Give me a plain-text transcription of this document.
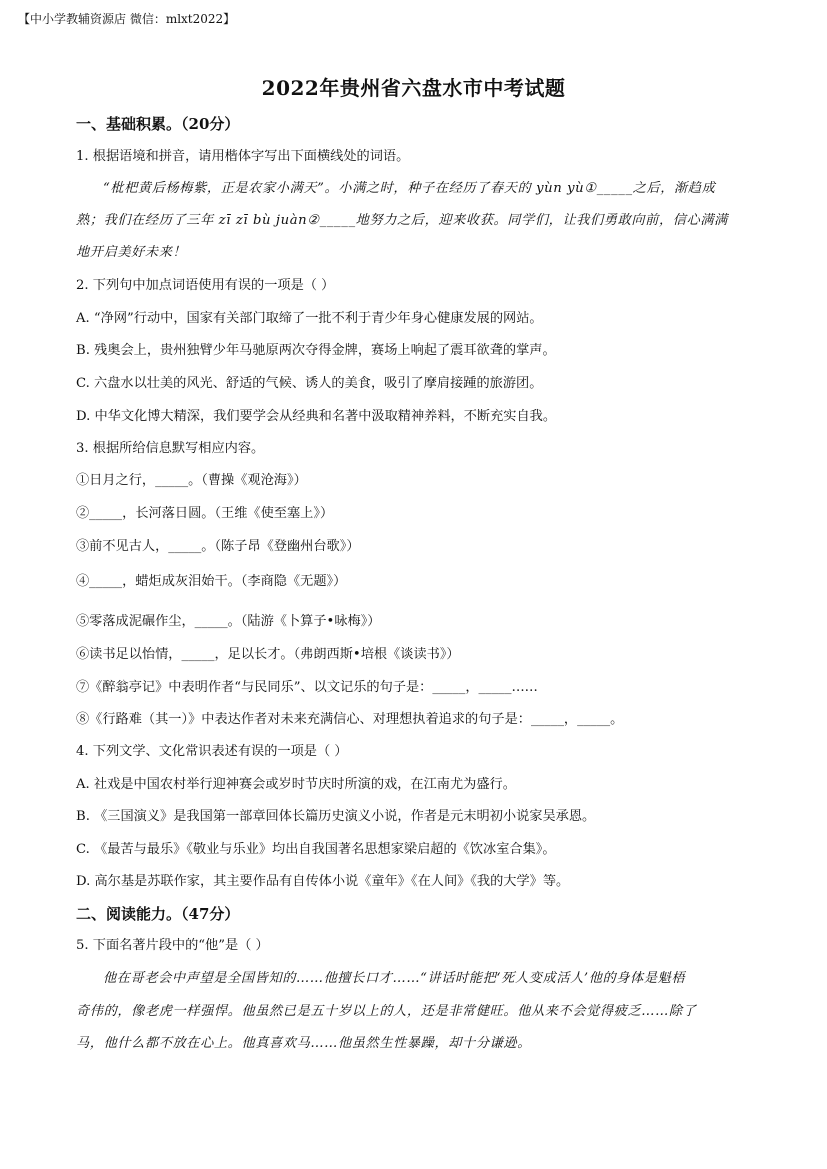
【中小学教辅资源店 微信：mlxt2022】
2022年贵州省六盘水市中考试题
一、基础积累。（20分）
1. 根据语境和拼音，请用楷体字写出下面横线处的词语。
“枇杷黄后杨梅紫，正是农家小满天”。小满之时，种子在经历了春天的 yùn yù①_____之后，渐趋成
熟；我们在经历了三年 zī zī bù juàn②_____地努力之后，迎来收获。同学们，让我们勇敢向前，信心满满
地开启美好未来！
2. 下列句中加点词语使用有误的一项是（ ）
A. “净网”行动中，国家有关部门取缔了一批不利于青少年身心健康发展的网站。
B. 残奥会上，贵州独臂少年马驰原两次夺得金牌，赛场上响起了震耳欲聋的掌声。
C. 六盘水以壮美的风光、舒适的气候、诱人的美食，吸引了摩肩接踵的旅游团。
D. 中华文化博大精深，我们要学会从经典和名著中汲取精神养料，不断充实自我。
3. 根据所给信息默写相应内容。
①日月之行，_____。（曹操《观沧海》）
②_____，长河落日圆。（王维《使至塞上》）
③前不见古人，_____。（陈子昂《登幽州台歌》）
④_____，蜡炬成灰泪始干。（李商隐《无题》）
⑤零落成泥碾作尘，_____。（陆游《卜算子•咏梅》）
⑥读书足以怡情，_____，足以长才。（弗朗西斯•培根《谈读书》）
⑦《醉翁亭记》中表明作者“与民同乐”、以文记乐的句子是：_____，_____……
⑧《行路难（其一）》中表达作者对未来充满信心、对理想执着追求的句子是：_____，_____。
4. 下列文学、文化常识表述有误的一项是（ ）
A. 社戏是中国农村举行迎神赛会或岁时节庆时所演的戏，在江南尤为盛行。
B. 《三国演义》是我国第一部章回体长篇历史演义小说，作者是元末明初小说家吴承恩。
C. 《最苦与最乐》《敬业与乐业》均出自我国著名思想家梁启超的《饮冰室合集》。
D. 高尔基是苏联作家，其主要作品有自传体小说《童年》《在人间》《我的大学》等。
二、阅读能力。（47分）
5. 下面名著片段中的“他”是（ ）
他在哥老会中声望是全国皆知的……他擅长口才……“讲话时能把‘死人变成活人’他的身体是魁梧
奇伟的，像老虎一样强悍。他虽然已是五十岁以上的人，还是非常健旺。他从来不会觉得疲乏……除了
马，他什么都不放在心上。他真喜欢马……他虽然生性暴躁，却十分谦逊。
